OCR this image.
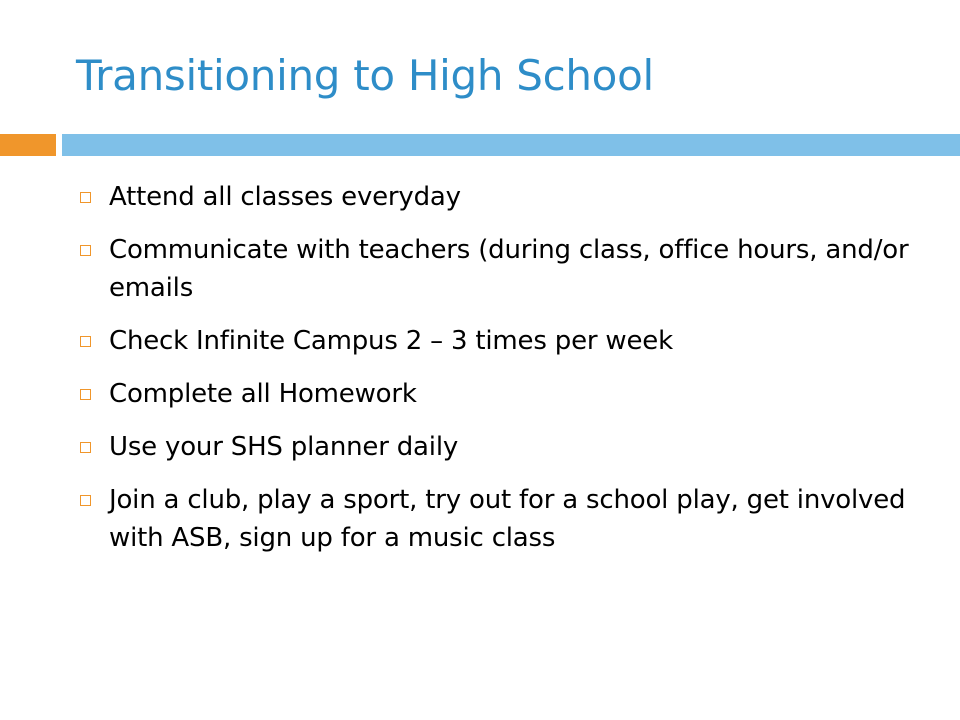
Transitioning to High School
Attend all classes everyday
Communicate with teachers (during class, office hours, and/or emails
Check Infinite Campus 2 – 3 times per week
Complete all Homework
Use your SHS planner daily
Join a club, play a sport, try out for a school play, get involved with ASB, sign up for a music class
